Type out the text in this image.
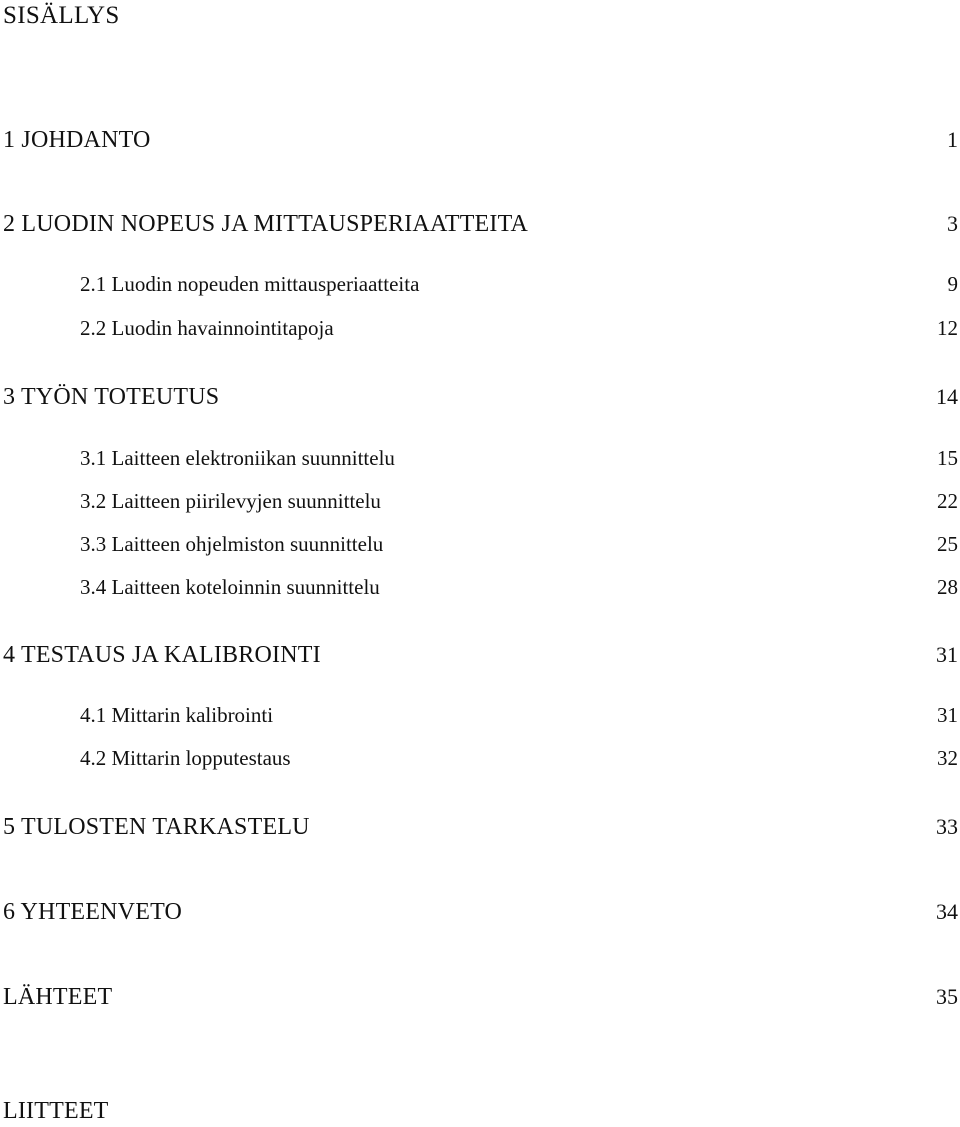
SISÄLLYS
1 JOHDANTO	1
2 LUODIN NOPEUS JA MITTAUSPERIAATTEITA	3
2.1 Luodin nopeuden mittausperiaatteita	9
2.2 Luodin havainnointitapoja	12
3 TYÖN TOTEUTUS	14
3.1 Laitteen elektroniikan suunnittelu	15
3.2 Laitteen piirilevyjen suunnittelu	22
3.3 Laitteen ohjelmiston suunnittelu	25
3.4 Laitteen koteloinnin suunnittelu	28
4 TESTAUS JA KALIBROINTI	31
4.1 Mittarin kalibrointi	31
4.2 Mittarin lopputestaus	32
5 TULOSTEN TARKASTELU	33
6 YHTEENVETO	34
LÄHTEET	35
LIITTEET
